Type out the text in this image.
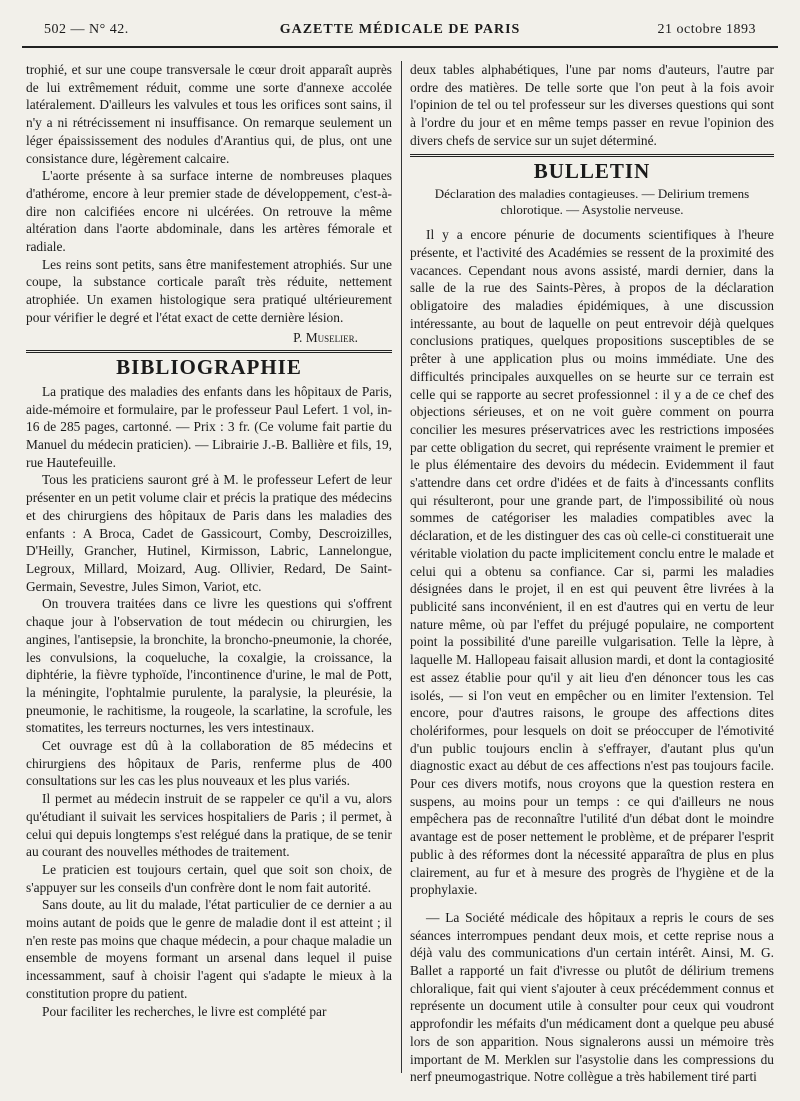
502 — N° 42.	GAZETTE MÉDICALE DE PARIS	21 octobre 1893

trophié, et sur une coupe transversale le cœur droit apparaît auprès de lui extrêmement réduit, comme une sorte d'annexe accolée latéralement. D'ailleurs les valvules et tous les orifices sont sains, il n'y a ni rétrécissement ni insuffisance. On remarque seulement un léger épaississement des nodules d'Arantius qui, de plus, ont une consistance dure, légèrement calcaire.

L'aorte présente à sa surface interne de nombreuses plaques d'athérome, encore à leur premier stade de développement, c'est-à-dire non calcifiées encore ni ulcérées. On retrouve la même altération dans l'aorte abdominale, dans les artères fémorale et radiale.

Les reins sont petits, sans être manifestement atrophiés. Sur une coupe, la substance corticale paraît très réduite, nettement atrophiée. Un examen histologique sera pratiqué ultérieurement pour vérifier le degré et l'état exact de cette dernière lésion.

P. Muselier.

BIBLIOGRAPHIE

La pratique des maladies des enfants dans les hôpitaux de Paris, aide-mémoire et formulaire, par le professeur Paul Lefert. 1 vol, in-16 de 285 pages, cartonné. — Prix : 3 fr. (Ce volume fait partie du Manuel du médecin praticien). — Librairie J.-B. Ballière et fils, 19, rue Hautefeuille.

Tous les praticiens sauront gré à M. le professeur Lefert de leur présenter en un petit volume clair et précis la pratique des médecins et des chirurgiens des hôpitaux de Paris dans les maladies des enfants : A Broca, Cadet de Gassicourt, Comby, Descroizilles, D'Heilly, Grancher, Hutinel, Kirmisson, Labric, Lannelongue, Legroux, Millard, Moizard, Aug. Ollivier, Redard, De Saint-Germain, Sevestre, Jules Simon, Variot, etc.

On trouvera traitées dans ce livre les questions qui s'offrent chaque jour à l'observation de tout médecin ou chirurgien, les angines, l'antisepsie, la bronchite, la broncho-pneumonie, la chorée, les convulsions, la coqueluche, la coxalgie, la croissance, la diphtérie, la fièvre typhoïde, l'incontinence d'urine, le mal de Pott, la méningite, l'ophtalmie purulente, la paralysie, la pleurésie, la pneumonie, le rachitisme, la rougeole, la scarlatine, la scrofule, les stomatites, les terreurs nocturnes, les vers intestinaux.

Cet ouvrage est dû à la collaboration de 85 médecins et chirurgiens des hôpitaux de Paris, renferme plus de 400 consultations sur les cas les plus nouveaux et les plus variés.

Il permet au médecin instruit de se rappeler ce qu'il a vu, alors qu'étudiant il suivait les services hospitaliers de Paris ; il permet, à celui qui depuis longtemps s'est relégué dans la pratique, de se tenir au courant des nouvelles méthodes de traitement.

Le praticien est toujours certain, quel que soit son choix, de s'appuyer sur les conseils d'un confrère dont le nom fait autorité.

Sans doute, au lit du malade, l'état particulier de ce dernier a au moins autant de poids que le genre de maladie dont il est atteint ; il n'en reste pas moins que chaque médecin, a pour chaque maladie un ensemble de moyens formant un arsenal dans lequel il puise incessamment, sauf à choisir l'agent qui s'adapte le mieux à la constitution propre du patient.

Pour faciliter les recherches, le livre est complété par

deux tables alphabétiques, l'une par noms d'auteurs, l'autre par ordre des matières. De telle sorte que l'on peut à la fois avoir l'opinion de tel ou tel professeur sur les diverses questions qui sont à l'ordre du jour et en même temps passer en revue l'opinion des divers chefs de service sur un sujet déterminé.

BULLETIN
Déclaration des maladies contagieuses. — Delirium tremens chlorotique. — Asystolie nerveuse.

Il y a encore pénurie de documents scientifiques à l'heure présente, et l'activité des Académies se ressent de la proximité des vacances. Cependant nous avons assisté, mardi dernier, dans la salle de la rue des Saints-Pères, à propos de la déclaration obligatoire des maladies épidémiques, à une discussion intéressante, au bout de laquelle on peut entrevoir déjà quelques conclusions pratiques, quelques propositions susceptibles de se prêter à une application plus ou moins immédiate. Une des difficultés principales auxquelles on se heurte sur ce terrain est celle qui se rapporte au secret professionnel : il y a de ce chef des objections sérieuses, et on ne voit guère comment on pourra concilier les mesures préservatrices avec les restrictions imposées par cette obligation du secret, qui représente vraiment le premier et le plus élémentaire des devoirs du médecin. Evidemment il faut s'attendre dans cet ordre d'idées et de faits à d'incessants conflits qui résulteront, pour une grande part, de l'impossibilité où nous sommes de catégoriser les maladies compatibles avec la déclaration, et de les distinguer des cas où celle-ci constituerait une véritable violation du pacte implicitement conclu entre le malade et celui qui a obtenu sa confiance. Car si, parmi les maladies désignées dans le projet, il en est qui peuvent être livrées à la publicité sans inconvénient, il en est d'autres qui en vertu de leur nature même, où par l'effet du préjugé populaire, ne comportent point la possibilité d'une pareille vulgarisation. Telle la lèpre, à laquelle M. Hallopeau faisait allusion mardi, et dont la contagiosité est assez établie pour qu'il y ait lieu d'en dénoncer tous les cas isolés, — si l'on veut en empêcher ou en limiter l'extension. Tel encore, pour d'autres raisons, le groupe des affections dites cholériformes, pour lesquels on doit se préoccuper de l'émotivité d'un public toujours enclin à s'effrayer, d'autant plus qu'un diagnostic exact au début de ces affections n'est pas toujours facile. Pour ces divers motifs, nous croyons que la question restera en suspens, au moins pour un temps : ce qui d'ailleurs ne nous empêchera pas de reconnaître l'utilité d'un débat dont le moindre avantage est de poser nettement le problème, et de préparer l'esprit public à des réformes dont la nécessité apparaîtra de plus en plus clairement, au fur et à mesure des progrès de l'hygiène et de la prophylaxie.

— La Société médicale des hôpitaux a repris le cours de ses séances interrompues pendant deux mois, et cette reprise nous a déjà valu des communications d'un certain intérêt. Ainsi, M. G. Ballet a rapporté un fait d'ivresse ou plutôt de délirium tremens chloralique, fait qui vient s'ajouter à ceux précédemment connus et représente un document utile à consulter pour ceux qui voudront approfondir les méfaits d'un médicament dont a quelque peu abusé lors de son apparition. Nous signalerons aussi un mémoire très important de M. Merklen sur l'asystolie dans les compressions du nerf pneumogastrique. Notre collègue a très habilement tiré parti
